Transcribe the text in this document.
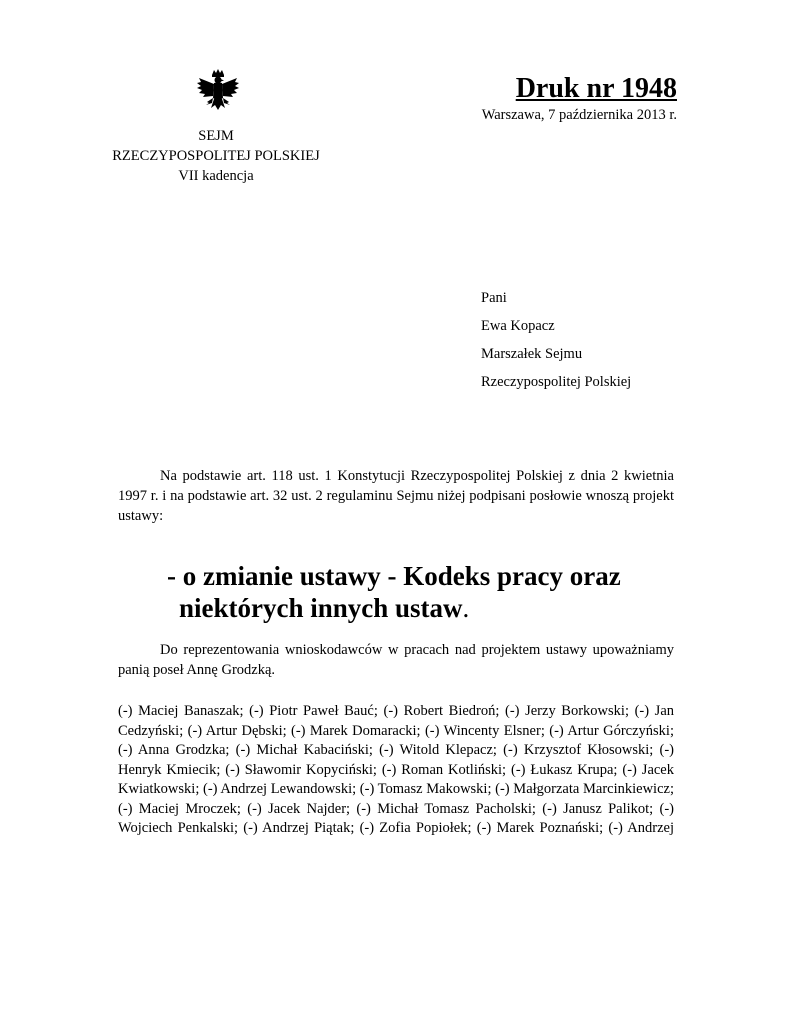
SEJM
RZECZYPOSPOLITEJ POLSKIEJ
VII kadencja
Druk nr 1948
Warszawa, 7 października 2013 r.
Pani
Ewa Kopacz
Marszałek Sejmu
Rzeczypospolitej Polskiej
Na podstawie art. 118 ust. 1 Konstytucji Rzeczypospolitej Polskiej z dnia 2 kwietnia 1997 r. i na podstawie art. 32 ust. 2 regulaminu Sejmu niżej podpisani posłowie wnoszą projekt ustawy:
- o zmianie ustawy - Kodeks pracy oraz
niektórych innych ustaw.
Do reprezentowania wnioskodawców w pracach nad projektem ustawy upoważniamy panią poseł Annę Grodzką.
(-) Maciej Banaszak; (-) Piotr Paweł Bauć; (-) Robert Biedroń; (-) Jerzy Borkowski; (-) Jan Cedzyński; (-) Artur Dębski; (-) Marek Domaracki; (-) Wincenty Elsner; (-) Artur Górczyński; (-) Anna Grodzka; (-) Michał Kabaciński; (-) Witold Klepacz; (-) Krzysztof Kłosowski; (-) Henryk Kmiecik; (-) Sławomir Kopyciński; (-) Roman Kotliński; (-) Łukasz Krupa; (-) Jacek Kwiatkowski; (-) Andrzej Lewandowski; (-) Tomasz Makowski; (-) Małgorzata Marcinkiewicz; (-) Maciej Mroczek; (-) Jacek Najder; (-) Michał Tomasz Pacholski; (-) Janusz Palikot; (-) Wojciech Penkalski; (-) Andrzej Piątak; (-) Zofia Popiołek; (-) Marek Poznański; (-) Andrzej
